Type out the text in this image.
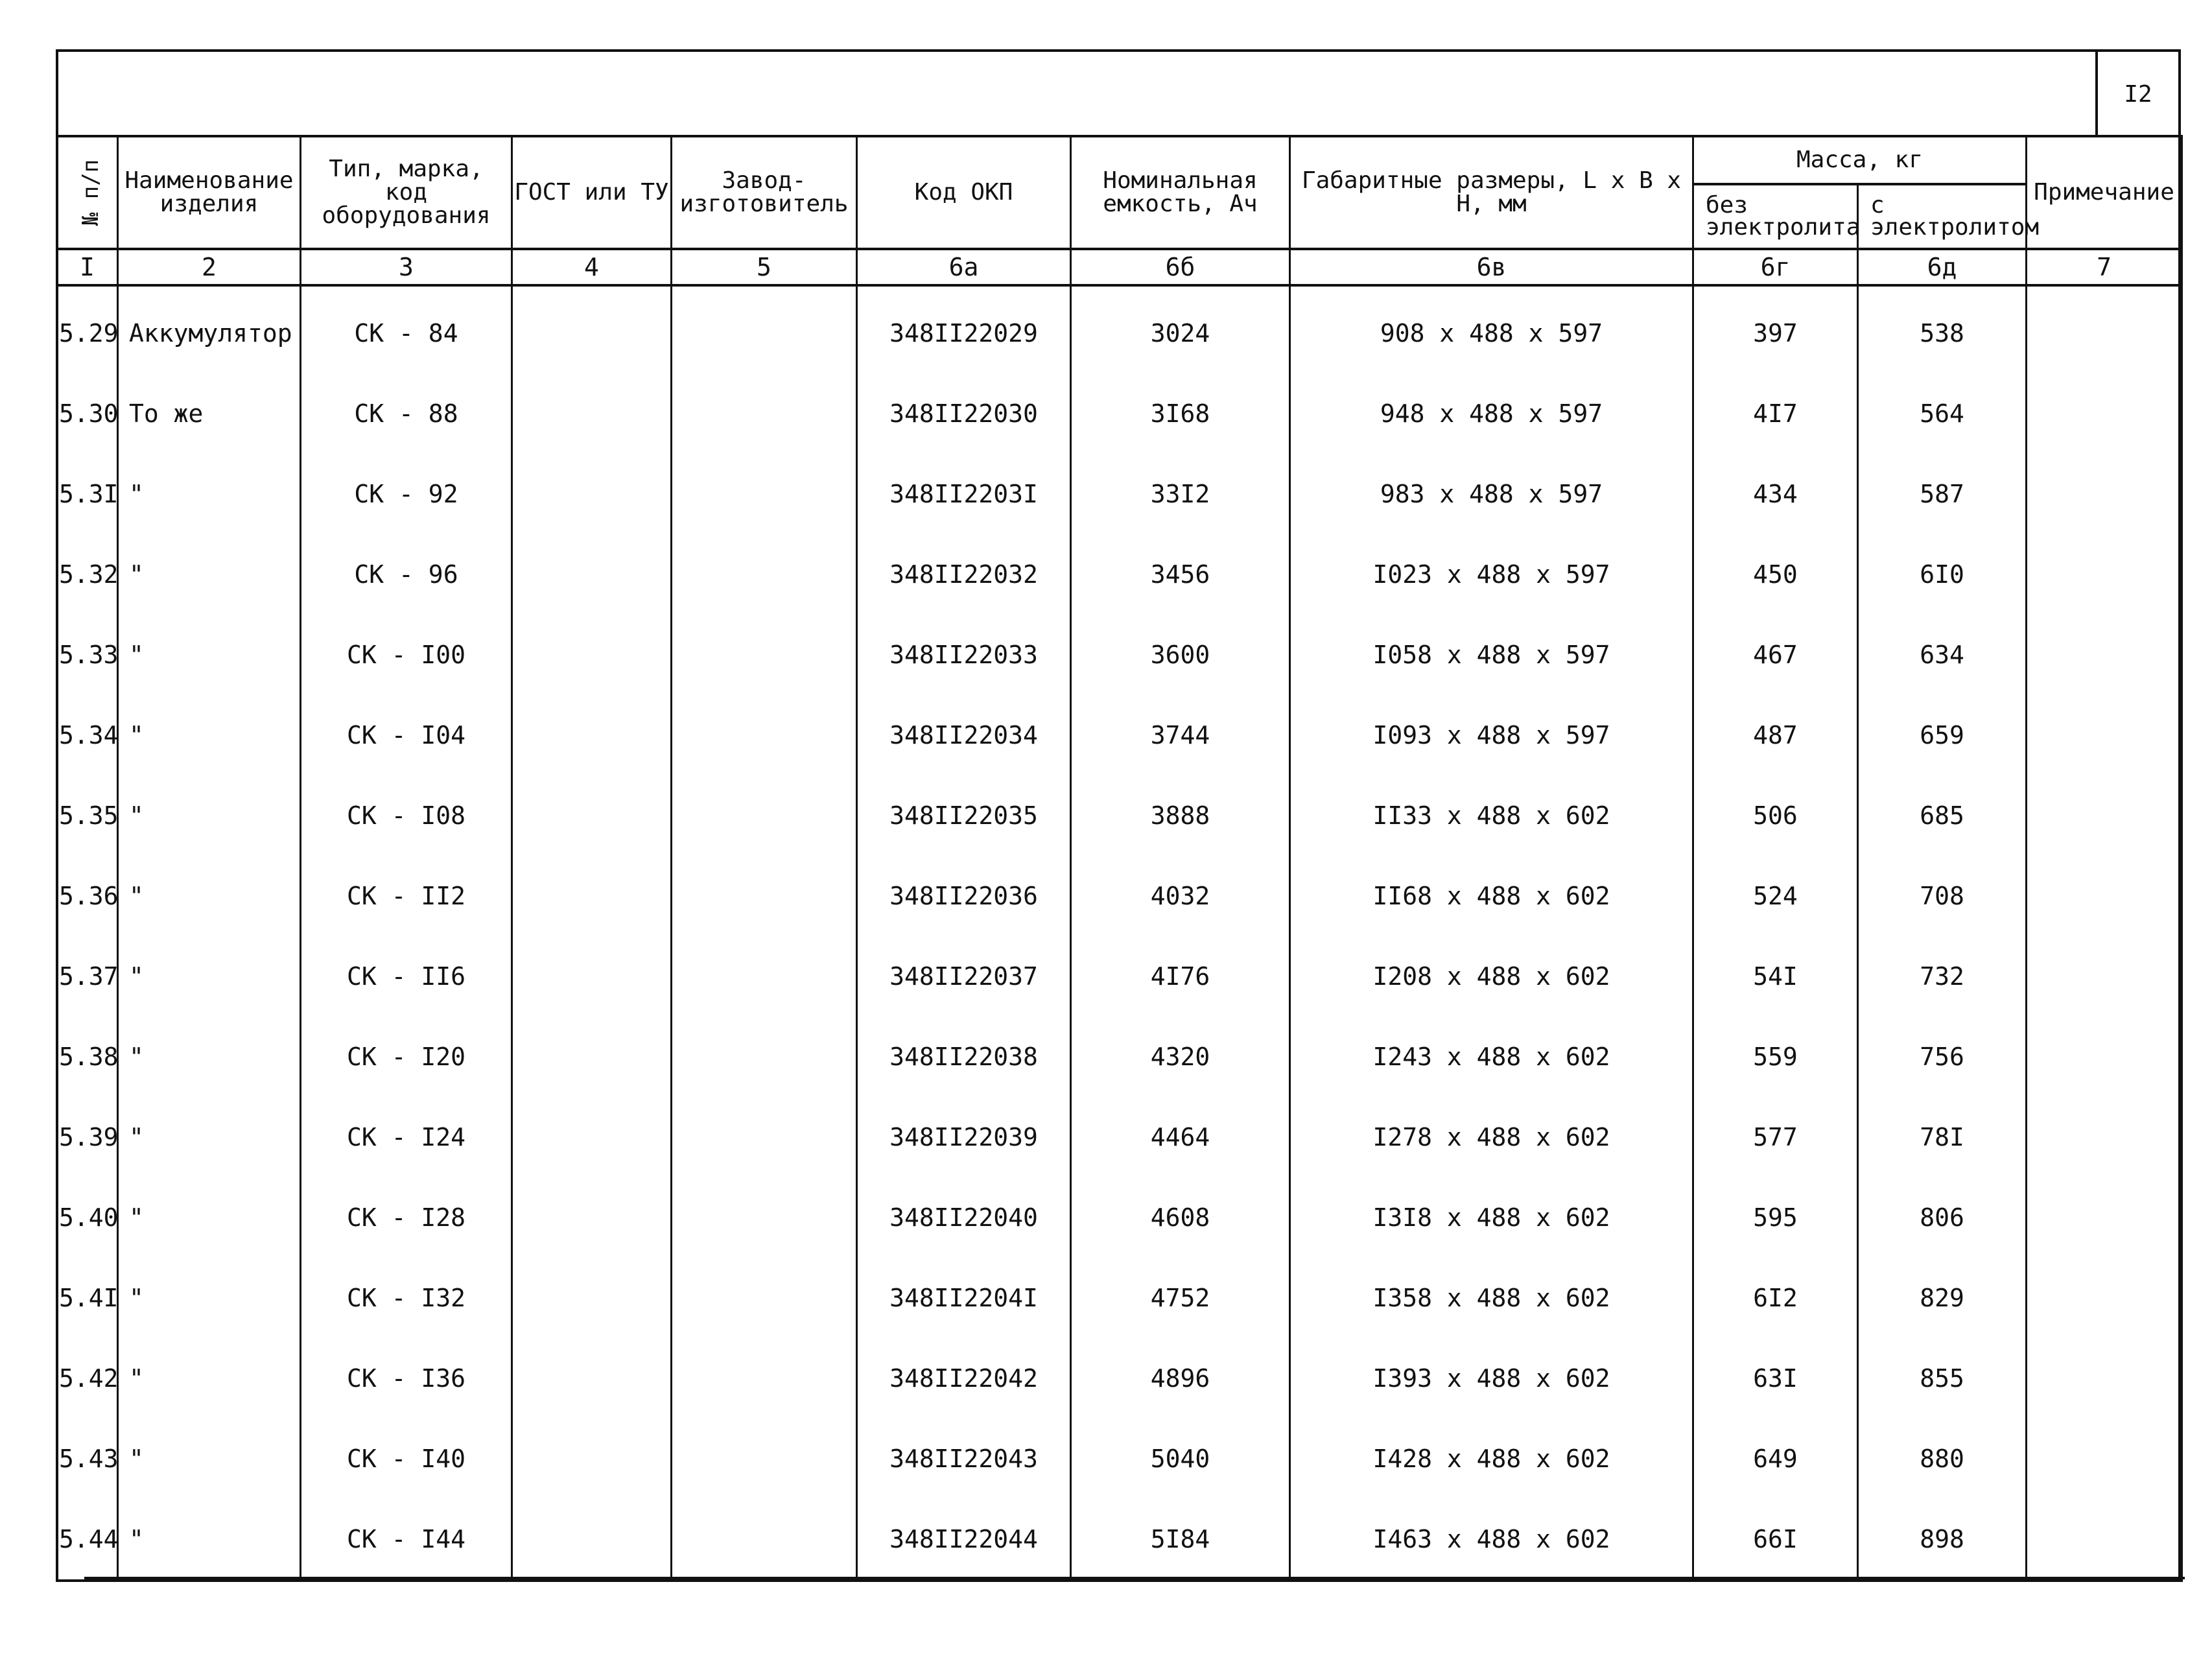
I2
№ п/п	Наименование изделия	Тип, марка, код оборудования	ГОСТ или ТУ	Завод-изготовитель	Код ОКП	Номинальная емкость, Ач	Габаритные размеры, L x B x H, мм	Масса, кг		Примечание
								без электролита	с электролитом	
I	2	3	4	5	6а	6б	6в	6г	6д	7
5.29	Аккумулятор	СК - 84			348II22029	3024	908 x 488 x 597	397	538	
5.30	То же	СК - 88			348II22030	3I68	948 x 488 x 597	4I7	564	
5.3I	"	СК - 92			348II2203I	33I2	983 x 488 x 597	434	587	
5.32	"	СК - 96			348II22032	3456	I023 x 488 x 597	450	6I0	
5.33	"	СК - I00			348II22033	3600	I058 x 488 x 597	467	634	
5.34	"	СК - I04			348II22034	3744	I093 x 488 x 597	487	659	
5.35	"	СК - I08			348II22035	3888	II33 x 488 x 602	506	685	
5.36	"	СК - II2			348II22036	4032	II68 x 488 x 602	524	708	
5.37	"	СК - II6			348II22037	4I76	I208 x 488 x 602	54I	732	
5.38	"	СК - I20			348II22038	4320	I243 x 488 x 602	559	756	
5.39	"	СК - I24			348II22039	4464	I278 x 488 x 602	577	78I	
5.40	"	СК - I28			348II22040	4608	I3I8 x 488 x 602	595	806	
5.4I	"	СК - I32			348II2204I	4752	I358 x 488 x 602	6I2	829	
5.42	"	СК - I36			348II22042	4896	I393 x 488 x 602	63I	855	
5.43	"	СК - I40			348II22043	5040	I428 x 488 x 602	649	880	
5.44	"	СК - I44			348II22044	5I84	I463 x 488 x 602	66I	898	
